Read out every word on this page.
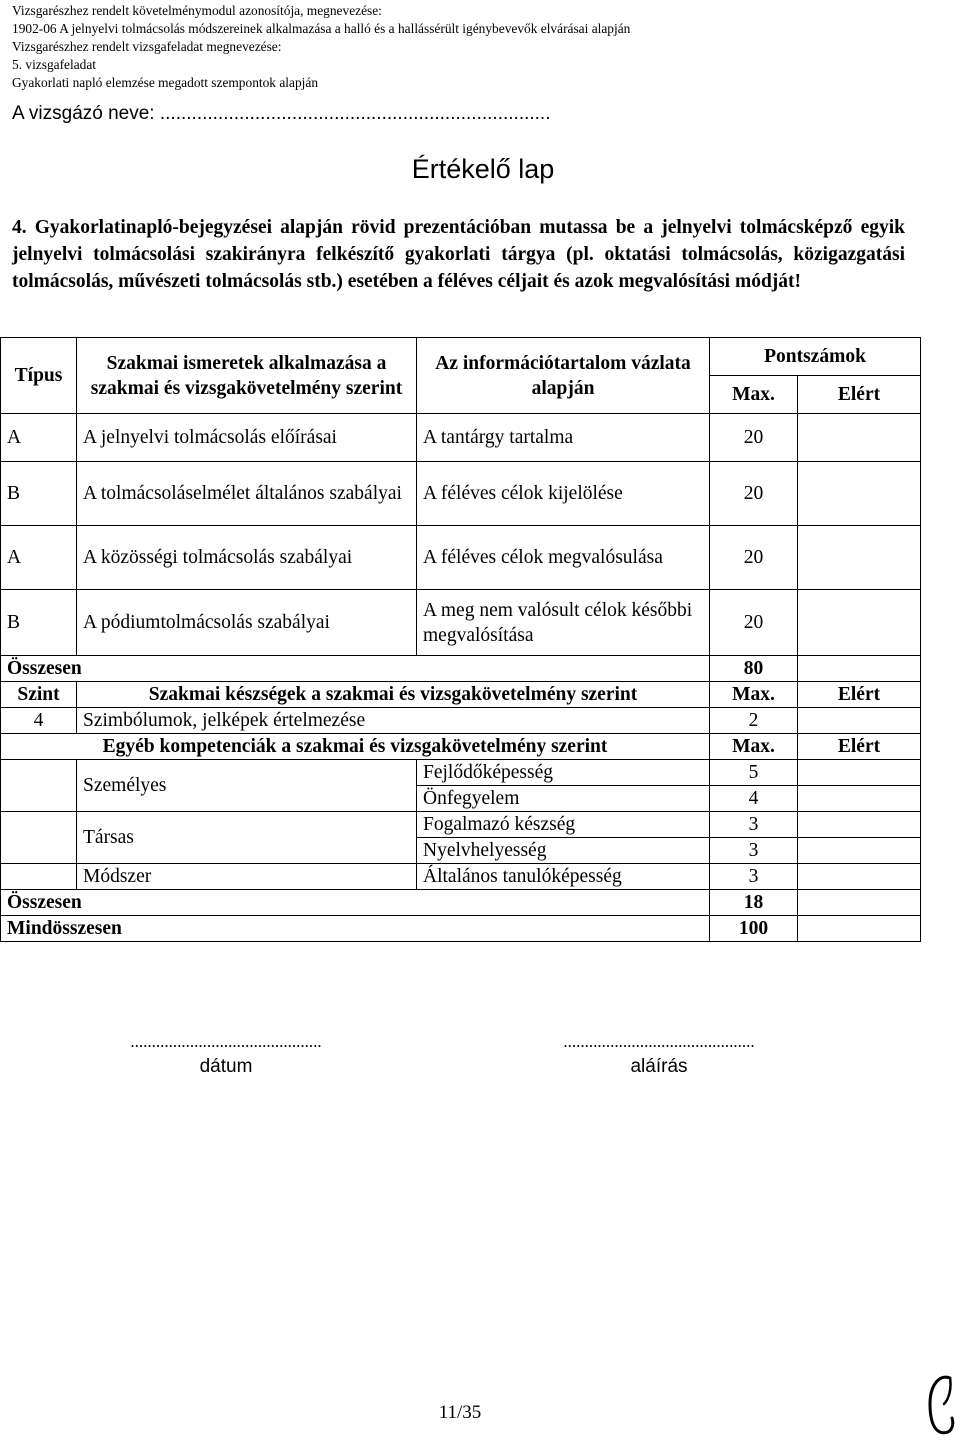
Vizsgarészhez rendelt követelménymodul azonosítója, megnevezése:
1902-06 A jelnyelvi tolmácsolás módszereinek alkalmazása a halló és a hallássérült igénybevevők elvárásai alapján
Vizsgarészhez rendelt vizsgafeladat megnevezése:
5. vizsgafeladat
Gyakorlati napló elemzése megadott szempontok alapján
A vizsgázó neve: ..........................................................................
Értékelő lap
4. Gyakorlatinapló-bejegyzései alapján rövid prezentációban mutassa be a jelnyelvi tolmácsképző egyik jelnyelvi tolmácsolási szakirányra felkészítő gyakorlati tárgya (pl. oktatási tolmácsolás, közigazgatási tolmácsolás, művészeti tolmácsolás stb.) esetében a féléves céljait és azok megvalósítási módját!
Típus	Szakmai ismeretek alkalmazása a szakmai és vizsgakövetelmény szerint	Az információtartalom vázlata alapján	Pontszámok	
			Max.	Elért
A	A jelnyelvi tolmácsolás előírásai	A tantárgy tartalma	20	
B	A tolmácsoláselmélet általános szabályai	A féléves célok kijelölése	20	
A	A közösségi tolmácsolás szabályai	A féléves célok megvalósulása	20	
B	A pódiumtolmácsolás szabályai	A meg nem valósult célok későbbi megvalósítása	20	
Összesen			80	
Szint	Szakmai készségek a szakmai és vizsgakövetelmény szerint		Max.	Elért
4	Szimbólumok, jelképek értelmezése		2	
Egyéb kompetenciák a szakmai és vizsgakövetelmény szerint			Max.	Elért
	Személyes	Fejlődőképesség	5	
		Önfegyelem	4	
	Társas	Fogalmazó készség	3	
		Nyelvhelyesség	3	
	Módszer	Általános tanulóképesség	3	
Összesen			18	
Mindösszesen			100	
.............................................
dátum
.............................................
aláírás
11/35
